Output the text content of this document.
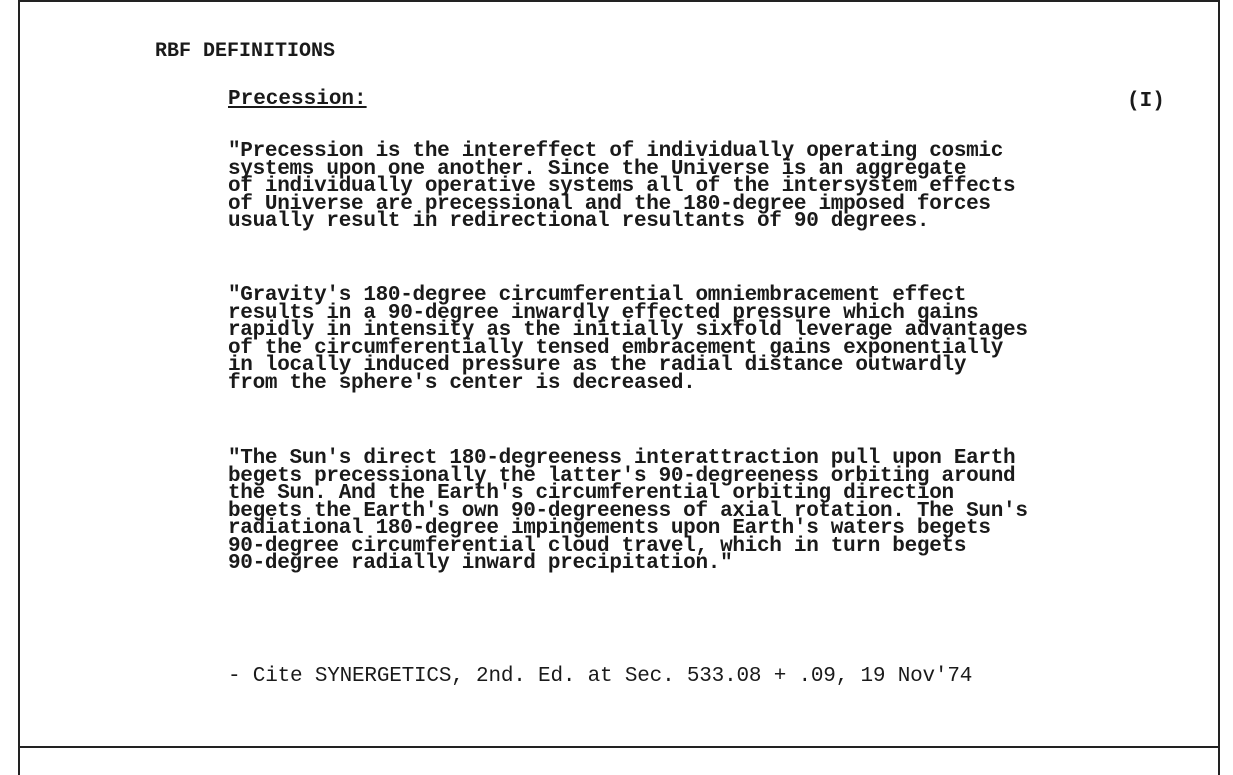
RBF DEFINITIONS
Precession:	(I)
"Precession is the intereffect of individually operating cosmic
systems upon one another. Since the Universe is an aggregate
of individually operative systems all of the intersystem effects
of Universe are precessional and the 180-degree imposed forces
usually result in redirectional resultants of 90 degrees.
"Gravity's 180-degree circumferential omniembracement effect
results in a 90-degree inwardly effected pressure which gains
rapidly in intensity as the initially sixfold leverage advantages
of the circumferentially tensed embracement gains exponentially
in locally induced pressure as the radial distance outwardly
from the sphere's center is decreased.
"The Sun's direct 180-degreeness interattraction pull upon Earth
begets precessionally the latter's 90-degreeness orbiting around
the Sun. And the Earth's circumferential orbiting direction
begets the Earth's own 90-degreeness of axial rotation. The Sun's
radiational 180-degree impingements upon Earth's waters begets
90-degree circumferential cloud travel, which in turn begets
90-degree radially inward precipitation."
- Cite SYNERGETICS, 2nd. Ed. at Sec. 533.08 + .09, 19 Nov'74
